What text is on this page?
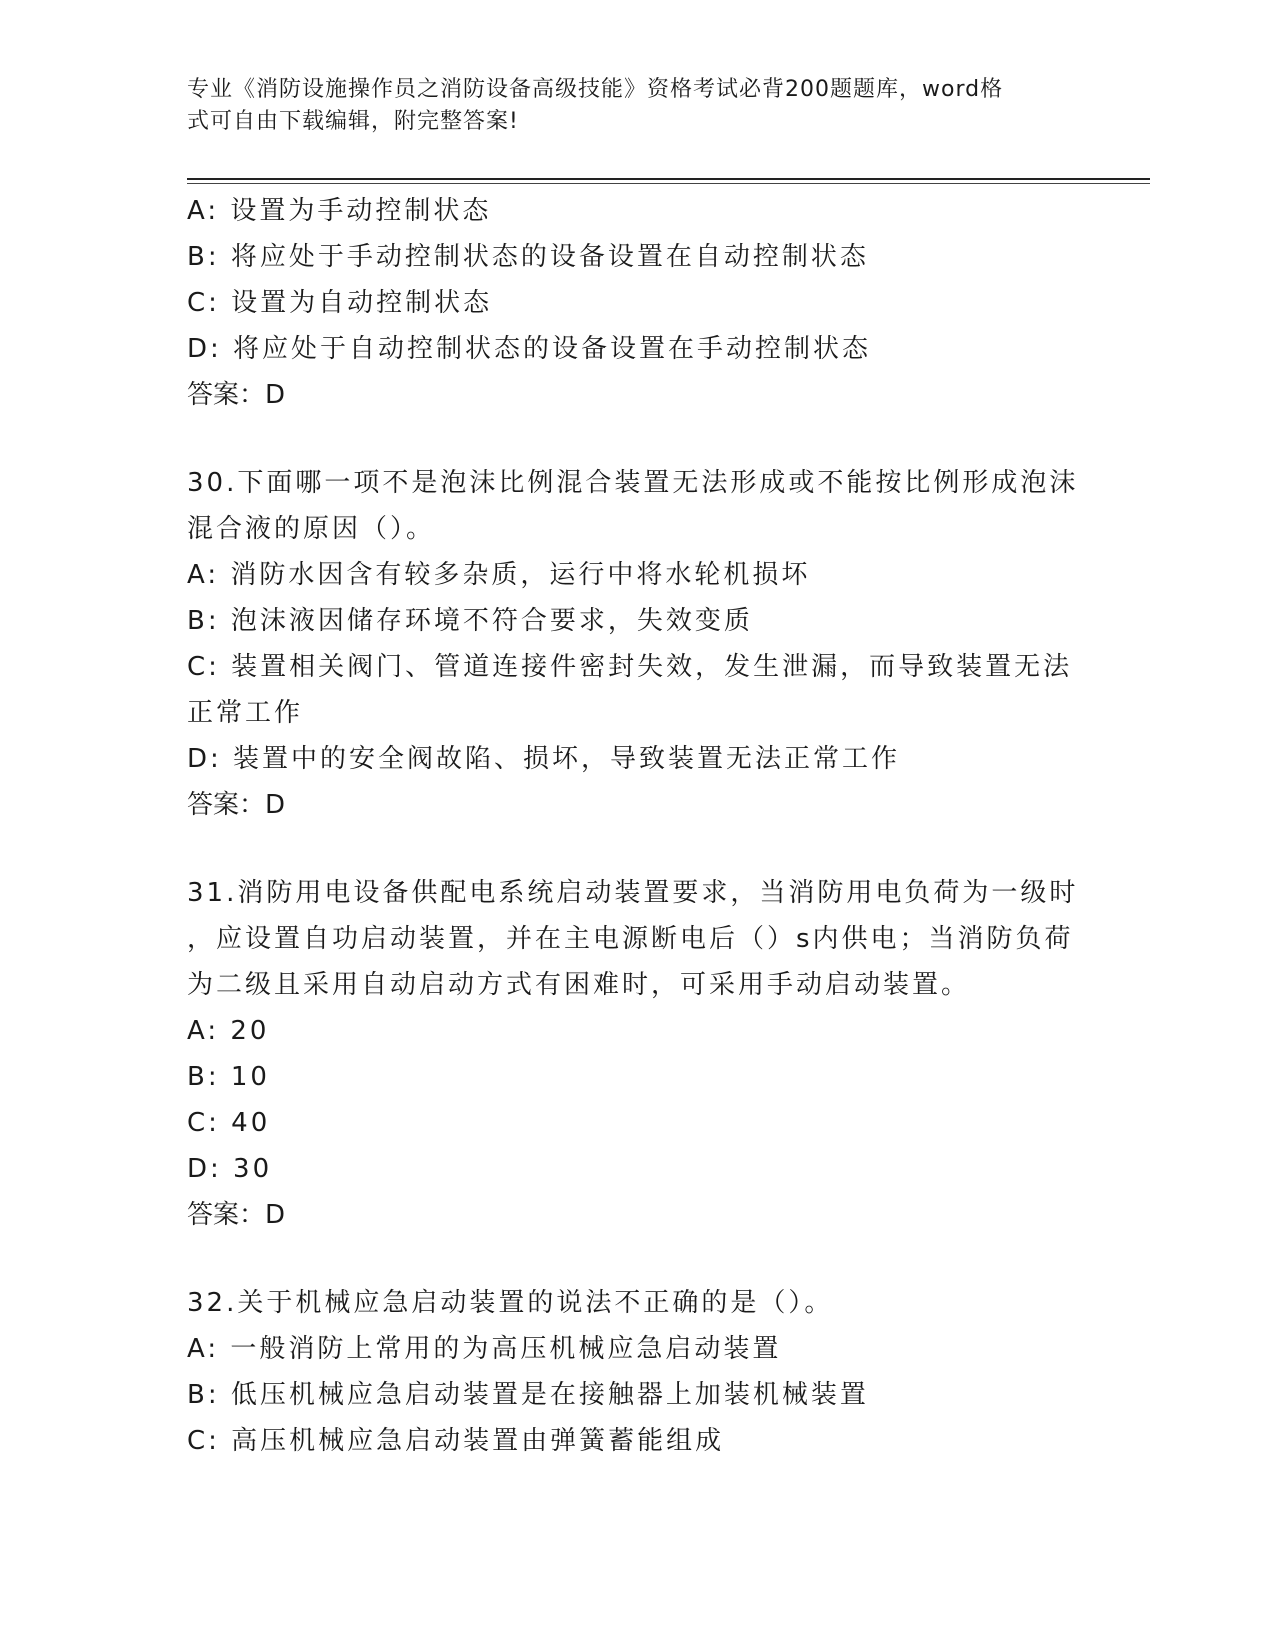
专业《消防设施操作员之消防设备高级技能》资格考试必背200题题库，word格
式可自由下载编辑，附完整答案!
A: 设置为手动控制状态
B: 将应处于手动控制状态的设备设置在自动控制状态
C: 设置为自动控制状态
D: 将应处于自动控制状态的设备设置在手动控制状态
答案：D
30.下面哪一项不是泡沫比例混合装置无法形成或不能按比例形成泡沫
混合液的原因（）。
A: 消防水因含有较多杂质，运行中将水轮机损坏
B: 泡沫液因储存环境不符合要求，失效变质
C: 装置相关阀门、管道连接件密封失效，发生泄漏，而导致装置无法
正常工作
D: 装置中的安全阀故陷、损坏，导致装置无法正常工作
答案：D
31.消防用电设备供配电系统启动装置要求，当消防用电负荷为一级时
，应设置自功启动装置，并在主电源断电后（）s内供电；当消防负荷
为二级且采用自动启动方式有困难时，可采用手动启动装置。
A: 20
B: 10
C: 40
D: 30
答案：D
32.关于机械应急启动装置的说法不正确的是（）。
A: 一般消防上常用的为高压机械应急启动装置
B: 低压机械应急启动装置是在接触器上加装机械装置
C: 高压机械应急启动装置由弹簧蓄能组成
